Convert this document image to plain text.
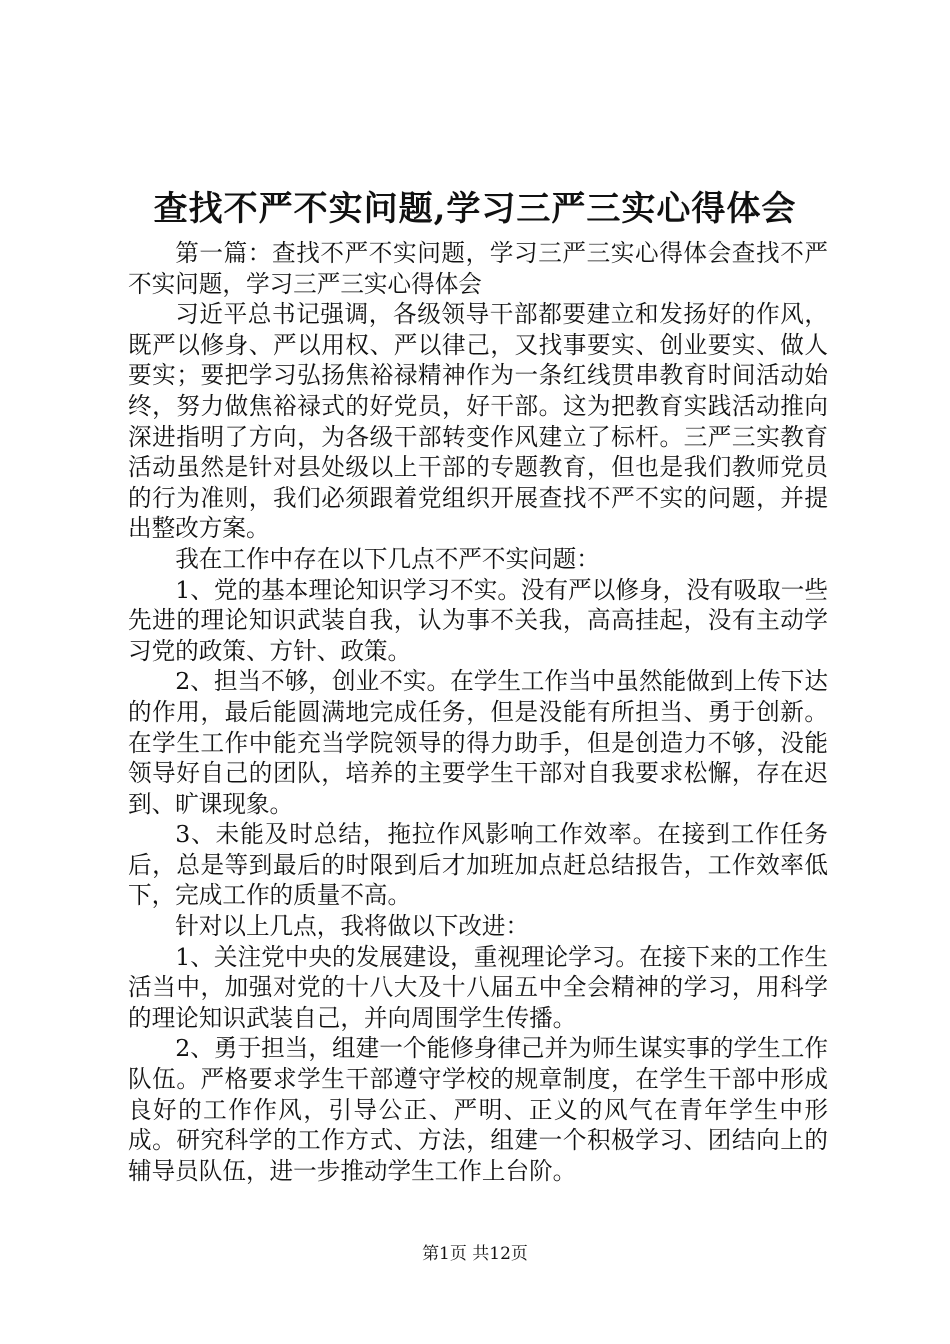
查找不严不实问题,学习三严三实心得体会

第一篇：查找不严不实问题，学习三严三实心得体会查找不严不实问题，学习三严三实心得体会

习近平总书记强调，各级领导干部都要建立和发扬好的作风，既严以修身、严以用权、严以律己，又找事要实、创业要实、做人要实；要把学习弘扬焦裕禄精神作为一条红线贯串教育时间活动始终，努力做焦裕禄式的好党员，好干部。这为把教育实践活动推向深进指明了方向，为各级干部转变作风建立了标杆。三严三实教育活动虽然是针对县处级以上干部的专题教育，但也是我们教师党员的行为准则，我们必须跟着党组织开展查找不严不实的问题，并提出整改方案。

我在工作中存在以下几点不严不实问题：

1、党的基本理论知识学习不实。没有严以修身，没有吸取一些先进的理论知识武装自我，认为事不关我，高高挂起，没有主动学习党的政策、方针、政策。

2、担当不够，创业不实。在学生工作当中虽然能做到上传下达的作用，最后能圆满地完成任务，但是没能有所担当、勇于创新。在学生工作中能充当学院领导的得力助手，但是创造力不够，没能领导好自己的团队，培养的主要学生干部对自我要求松懈，存在迟到、旷课现象。

3、未能及时总结，拖拉作风影响工作效率。在接到工作任务后，总是等到最后的时限到后才加班加点赶总结报告，工作效率低下，完成工作的质量不高。

针对以上几点，我将做以下改进：

1、关注党中央的发展建设，重视理论学习。在接下来的工作生活当中，加强对党的十八大及十八届五中全会精神的学习，用科学的理论知识武装自己，并向周围学生传播。

2、勇于担当，组建一个能修身律己并为师生谋实事的学生工作队伍。严格要求学生干部遵守学校的规章制度，在学生干部中形成良好的工作作风，引导公正、严明、正义的风气在青年学生中形成。研究科学的工作方式、方法，组建一个积极学习、团结向上的辅导员队伍，进一步推动学生工作上台阶。

第1页 共12页
